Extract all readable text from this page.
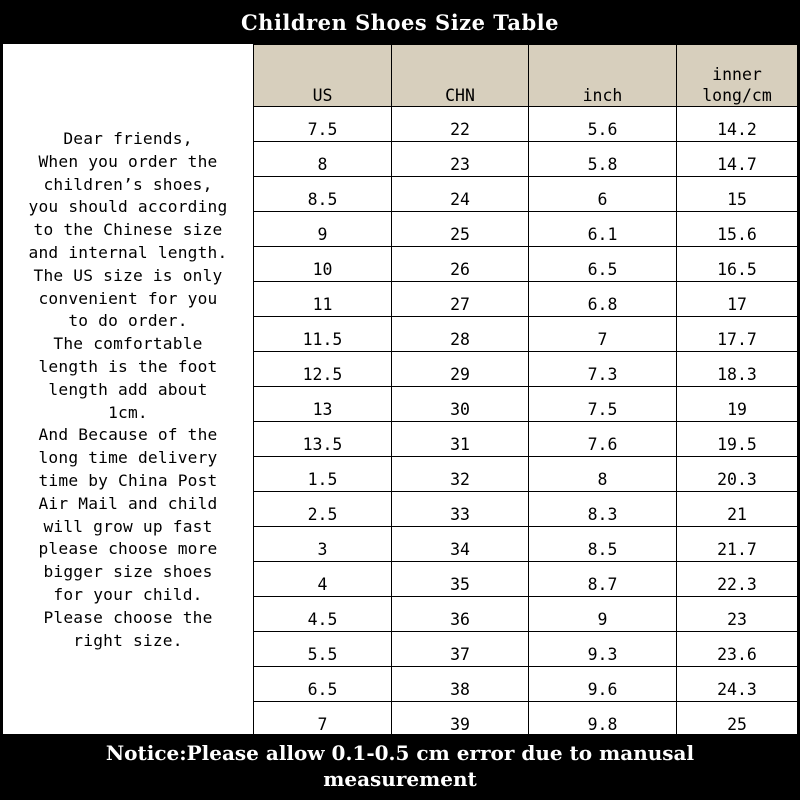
Children Shoes Size Table
Dear friends,
When you order the
children’s shoes,
you should according
to the Chinese size
and internal length.
The US size is only
convenient for you
to do order.
The comfortable
length is the foot
length add about
1cm.
And Because of the
long time delivery
time by China Post
Air Mail and child
will grow up fast
please choose more
bigger size shoes
for your child.
Please choose the
right size.
US	CHN	inch	inner
long/cm

7.5	22	5.6	14.2
8	23	5.8	14.7
8.5	24	6	15
9	25	6.1	15.6
10	26	6.5	16.5
11	27	6.8	17
11.5	28	7	17.7
12.5	29	7.3	18.3
13	30	7.5	19
13.5	31	7.6	19.5
1.5	32	8	20.3
2.5	33	8.3	21
3	34	8.5	21.7
4	35	8.7	22.3
4.5	36	9	23
5.5	37	9.3	23.6
6.5	38	9.6	24.3
7	39	9.8	25
Notice:Please allow 0.1-0.5 cm error due to manusal
measurement
